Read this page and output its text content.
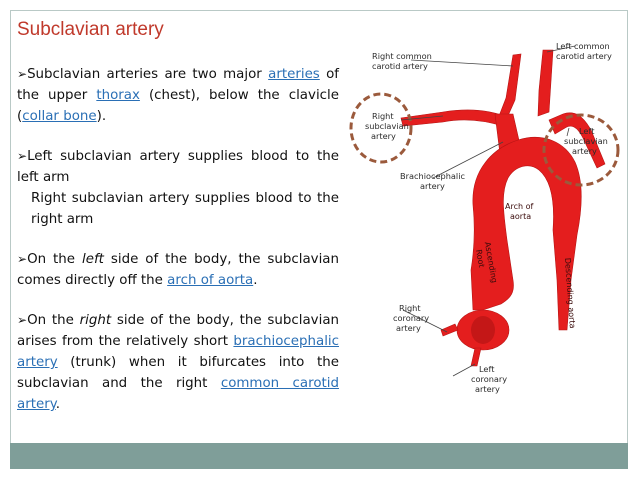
Subclavian artery

➢Subclavian arteries are two major arteries of the upper thorax (chest), below the clavicle (collar bone).

➢Left subclavian artery supplies blood to the left arm

Right subclavian artery supplies blood to the right arm

➢On the left side of the body, the subclavian comes directly off the arch of aorta.

➢On the right side of the body, the subclavian arises from the relatively short brachiocephalic artery (trunk) when it bifurcates into the subclavian and the right common carotid artery.

Right common
carotid artery
Left common
carotid artery
Right
subclavian
artery	Left
subclavian
artery
Brachiocephalic
artery
Arch of
aorta
Root
Ascending	Descending aorta
Right
coronary
artery
Left
coronary
artery
